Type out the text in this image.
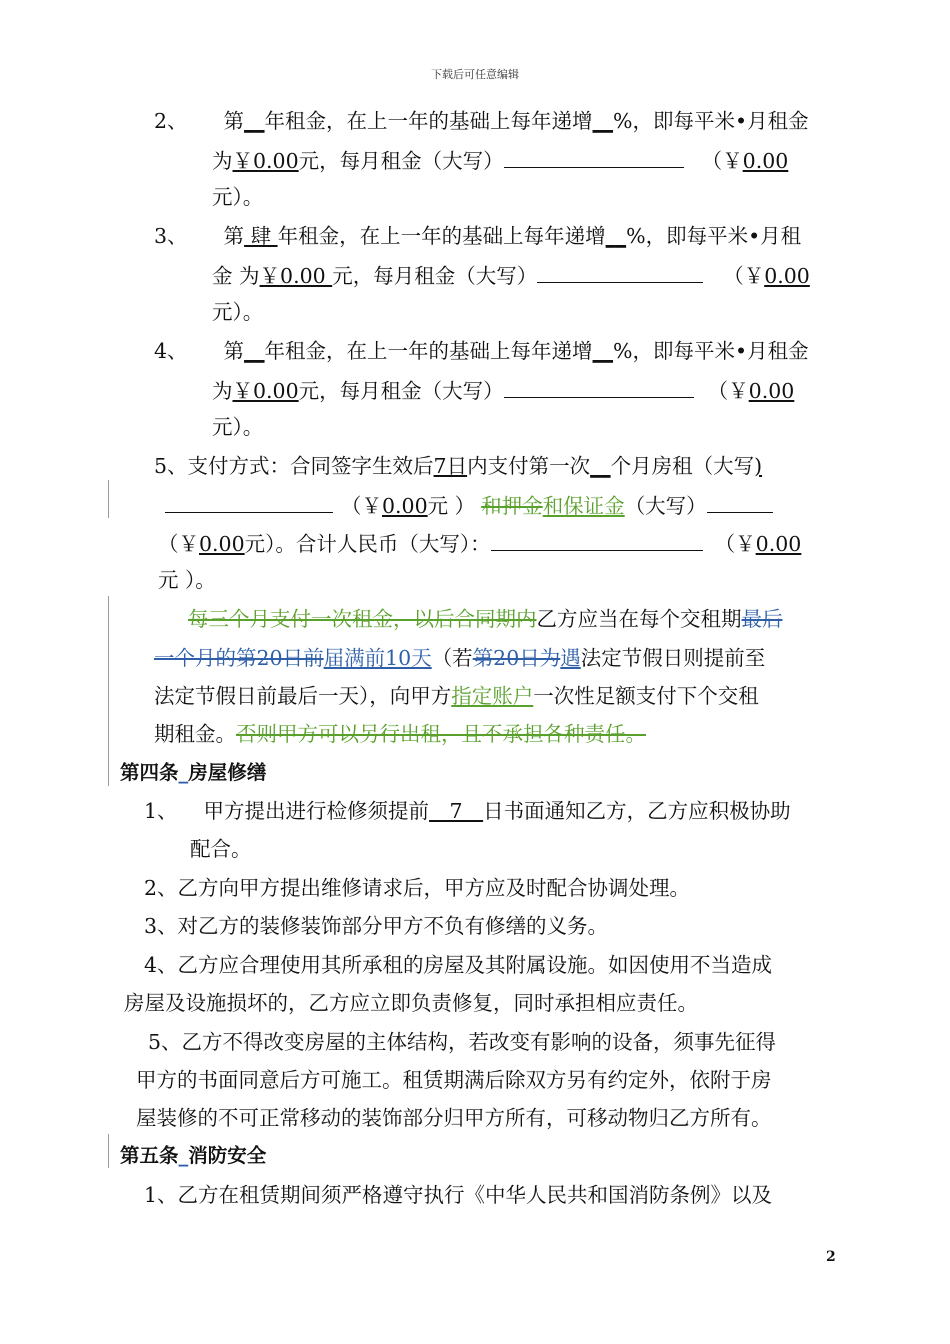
下载后可任意编辑
2、 第__年租金，在上一年的基础上每年递增__%，即每平米•月租金
为￥0.00元，每月租金（大写）	（￥0.00
元）。
3、 第 肆 年租金，在上一年的基础上每年递增__%，即每平米•月租
金 为￥0.00 元，每月租金（大写）	（￥0.00
元）。
4、 第__年租金，在上一年的基础上每年递增__%，即每平米•月租金
为￥0.00元，每月租金（大写）	（￥0.00
元）。
5、支付方式：合同签字生效后7日内支付第一次__个月房租（大写)
（￥0.00元 ） 和押金和保证金（大写）
（￥0.00元）。合计人民币（大写）：	（￥0.00
元 ）。
每三个月支付一次租金，以后合同期内乙方应当在每个交租期最后
一个月的第20日前届满前10天（若第20日为遇法定节假日则提前至
法定节假日前最后一天），向甲方指定账户一次性足额支付下个交租
期租金。否则甲方可以另行出租，且不承担各种责任。
第四条_房屋修缮
1、 甲方提出进行检修须提前　7　日书面通知乙方，乙方应积极协助
配合。
2、乙方向甲方提出维修请求后，甲方应及时配合协调处理。
3、对乙方的装修装饰部分甲方不负有修缮的义务。
4、乙方应合理使用其所承租的房屋及其附属设施。如因使用不当造成
房屋及设施损坏的，乙方应立即负责修复，同时承担相应责任。
5、乙方不得改变房屋的主体结构，若改变有影响的设备，须事先征得
甲方的书面同意后方可施工。租赁期满后除双方另有约定外，依附于房
屋装修的不可正常移动的装饰部分归甲方所有，可移动物归乙方所有。
第五条_消防安全
1、乙方在租赁期间须严格遵守执行《中华人民共和国消防条例》以及
2
